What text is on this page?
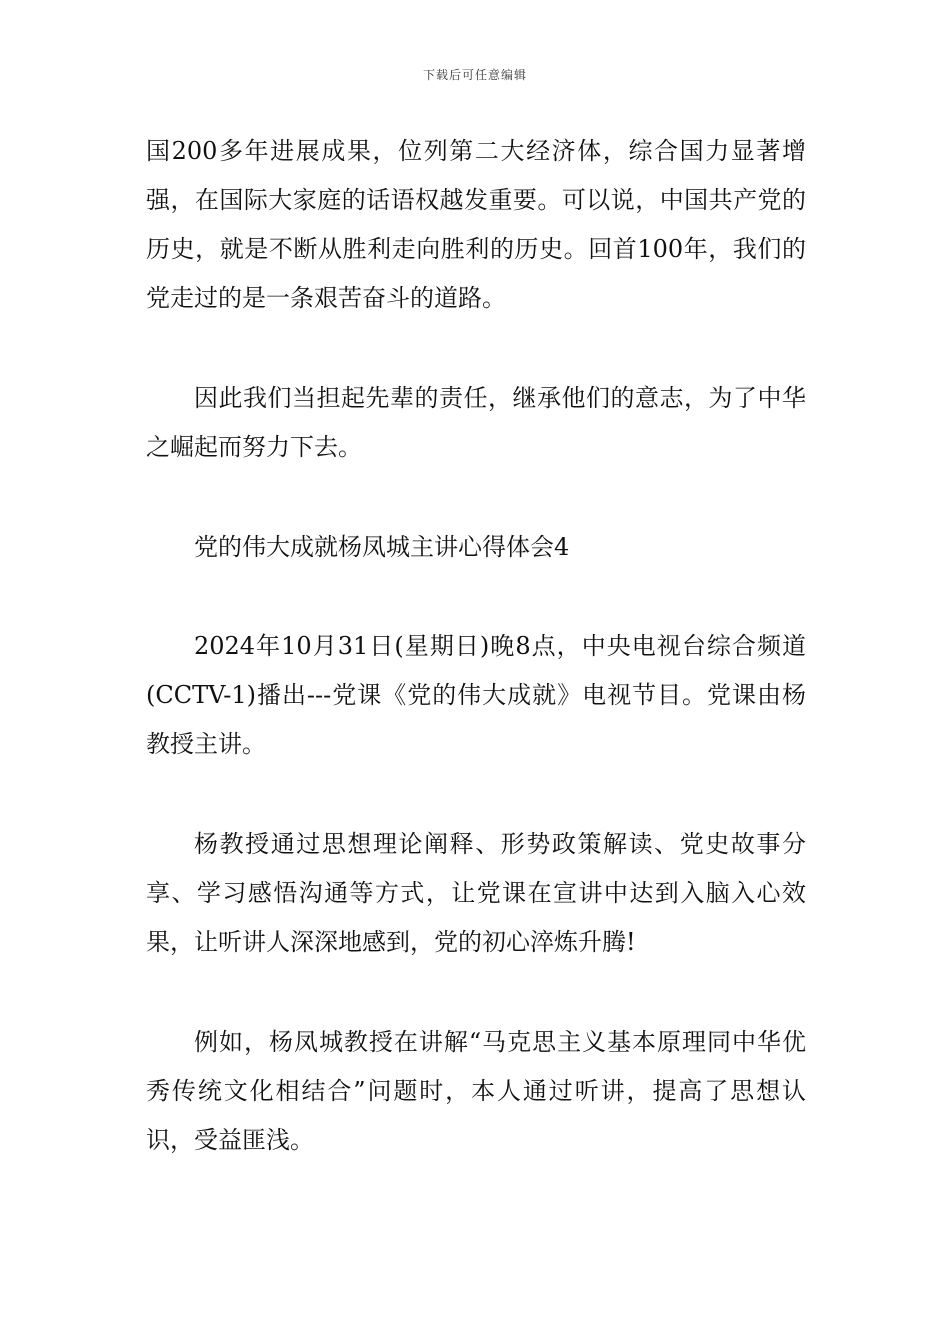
下载后可任意编辑

国200多年进展成果，位列第二大经济体，综合国力显著增强，在国际大家庭的话语权越发重要。可以说，中国共产党的历史，就是不断从胜利走向胜利的历史。回首100年，我们的党走过的是一条艰苦奋斗的道路。

因此我们当担起先辈的责任，继承他们的意志，为了中华之崛起而努力下去。

党的伟大成就杨凤城主讲心得体会4

2024年10月31日(星期日)晚8点，中央电视台综合频道(CCTV-1)播出---党课《党的伟大成就》电视节目。党课由杨教授主讲。

杨教授通过思想理论阐释、形势政策解读、党史故事分享、学习感悟沟通等方式，让党课在宣讲中达到入脑入心效果，让听讲人深深地感到，党的初心淬炼升腾!

例如，杨凤城教授在讲解“马克思主义基本原理同中华优秀传统文化相结合”问题时，本人通过听讲，提高了思想认识，受益匪浅。
